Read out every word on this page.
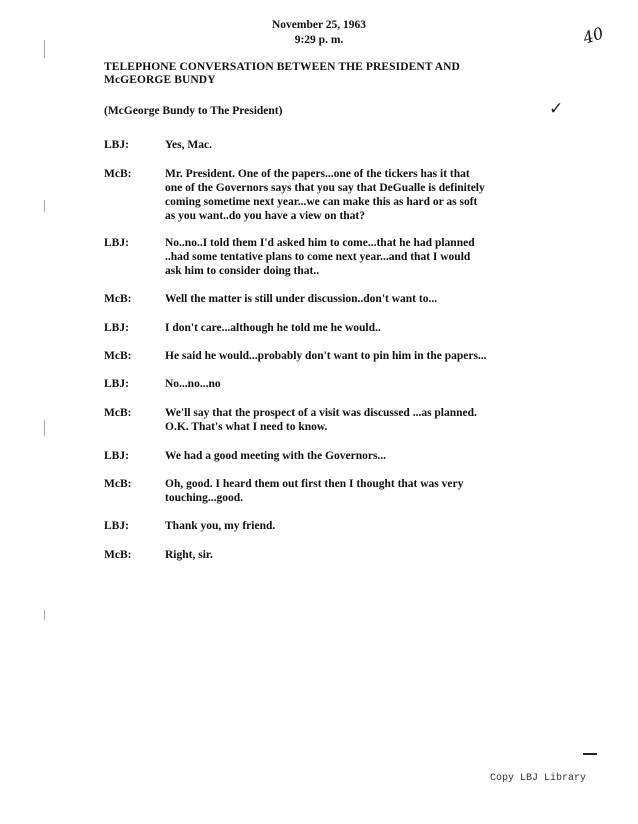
November 25, 1963
9:29 p. m.	40
TELEPHONE CONVERSATION BETWEEN THE PRESIDENT AND McGEORGE BUNDY
(McGeorge Bundy to The President)	✓
LBJ:	Yes, Mac.
McB:	Mr. President. One of the papers...one of the tickers has it that
one of the Governors says that you say that DeGualle is definitely
coming sometime next year...we can make this as hard or as soft
as you want..do you have a view on that?
LBJ:	No..no..I told them I'd asked him to come...that he had planned
..had some tentative plans to come next year...and that I would
ask him to consider doing that..
McB:	Well the matter is still under discussion..don't want to...
LBJ:	I don't care...although he told me he would..
McB:	He said he would...probably don't want to pin him in the papers...
LBJ:	No...no...no
McB:	We'll say that the prospect of a visit was discussed ...as planned.
O.K. That's what I need to know.
LBJ:	We had a good meeting with the Governors...
McB:	Oh, good. I heard them out first then I thought that was very
touching...good.
LBJ:	Thank you, my friend.
McB:	Right, sir.
Copy LBJ Library
